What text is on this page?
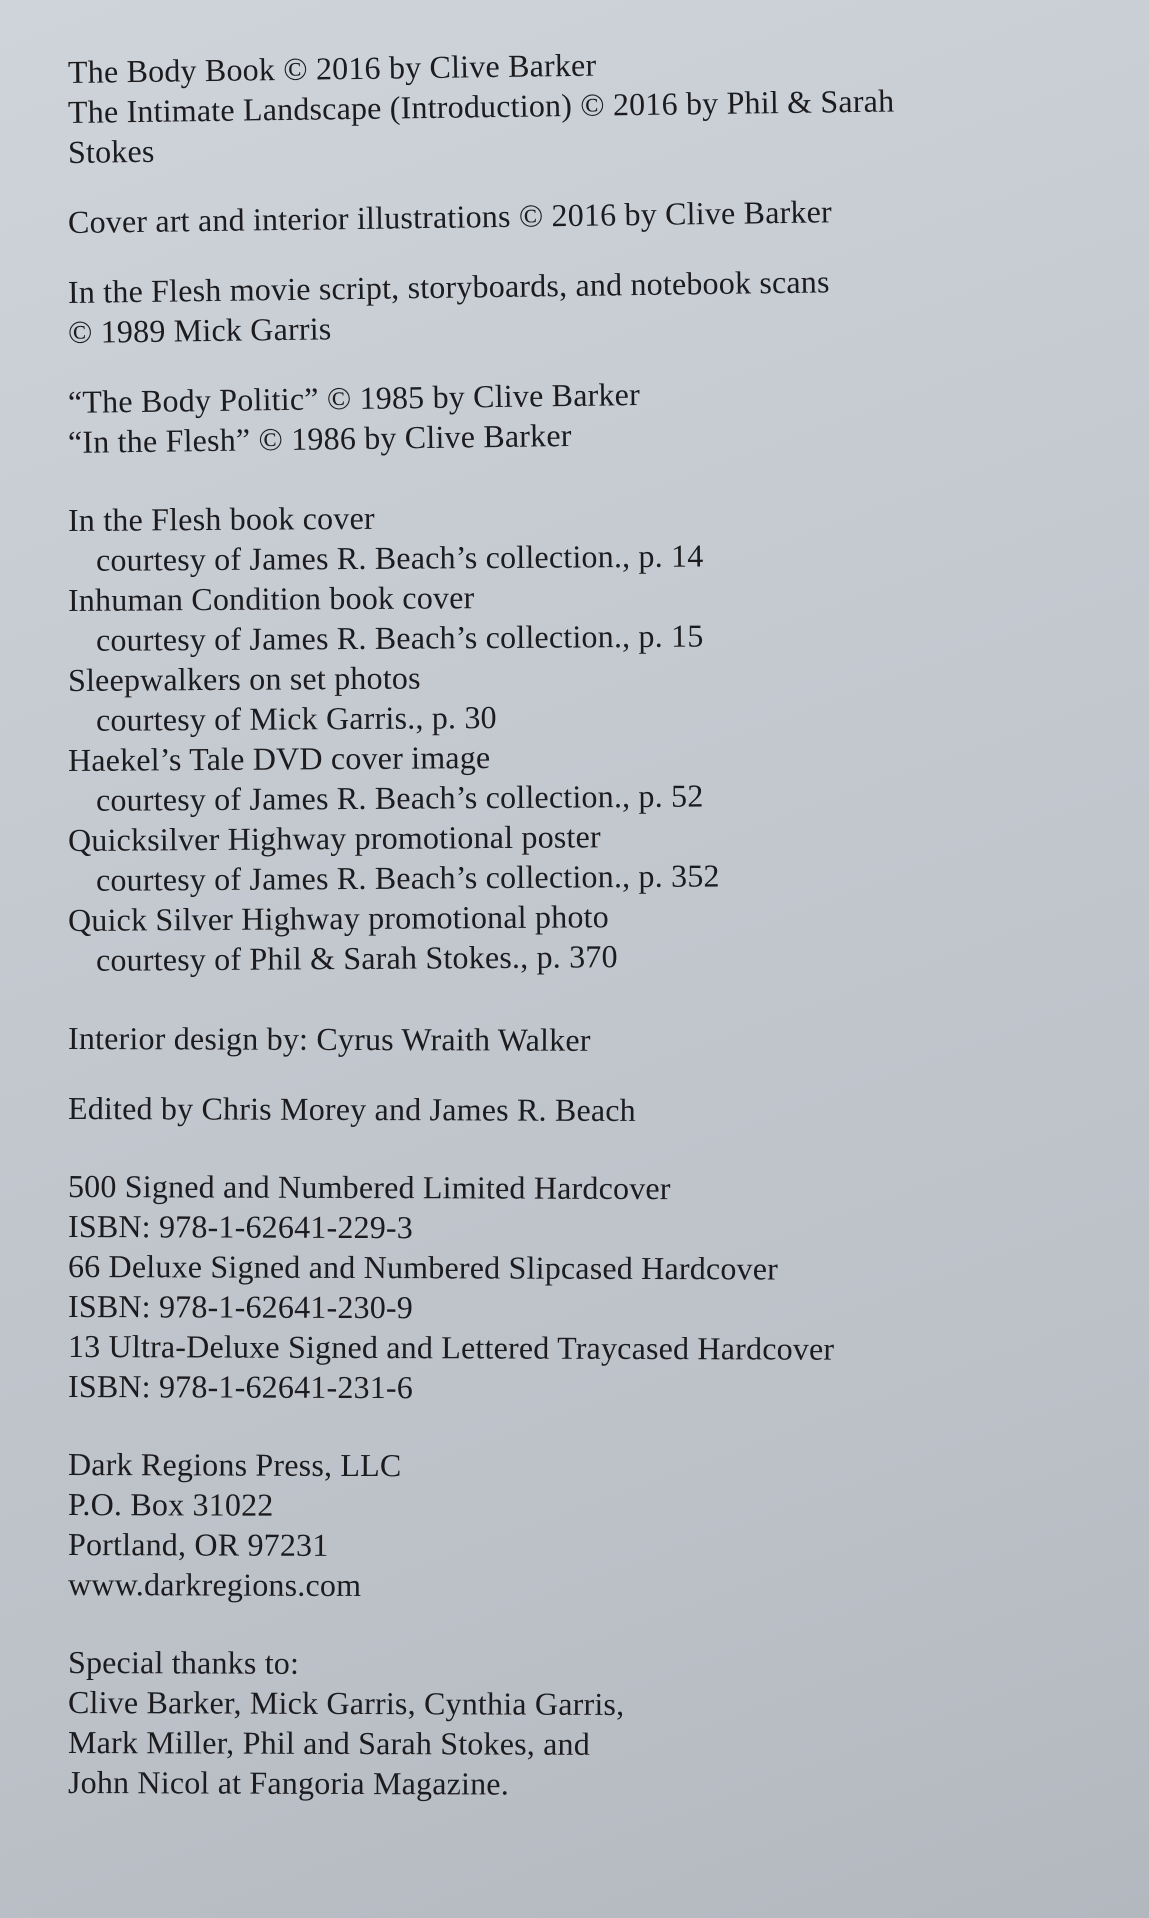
The Body Book © 2016 by Clive Barker
The Intimate Landscape (Introduction) © 2016 by Phil & Sarah
Stokes
Cover art and interior illustrations © 2016 by Clive Barker
In the Flesh movie script, storyboards, and notebook scans
© 1989 Mick Garris
“The Body Politic” © 1985 by Clive Barker
“In the Flesh” © 1986 by Clive Barker
In the Flesh book cover
courtesy of James R. Beach’s collection., p. 14
Inhuman Condition book cover
courtesy of James R. Beach’s collection., p. 15
Sleepwalkers on set photos
courtesy of Mick Garris., p. 30
Haekel’s Tale DVD cover image
courtesy of James R. Beach’s collection., p. 52
Quicksilver Highway promotional poster
courtesy of James R. Beach’s collection., p. 352
Quick Silver Highway promotional photo
courtesy of Phil & Sarah Stokes., p. 370
Interior design by: Cyrus Wraith Walker
Edited by Chris Morey and James R. Beach
500 Signed and Numbered Limited Hardcover
ISBN: 978-1-62641-229-3
66 Deluxe Signed and Numbered Slipcased Hardcover
ISBN: 978-1-62641-230-9
13 Ultra-Deluxe Signed and Lettered Traycased Hardcover
ISBN: 978-1-62641-231-6
Dark Regions Press, LLC
P.O. Box 31022
Portland, OR 97231
www.darkregions.com
Special thanks to:
Clive Barker, Mick Garris, Cynthia Garris,
Mark Miller, Phil and Sarah Stokes, and
John Nicol at Fangoria Magazine.
